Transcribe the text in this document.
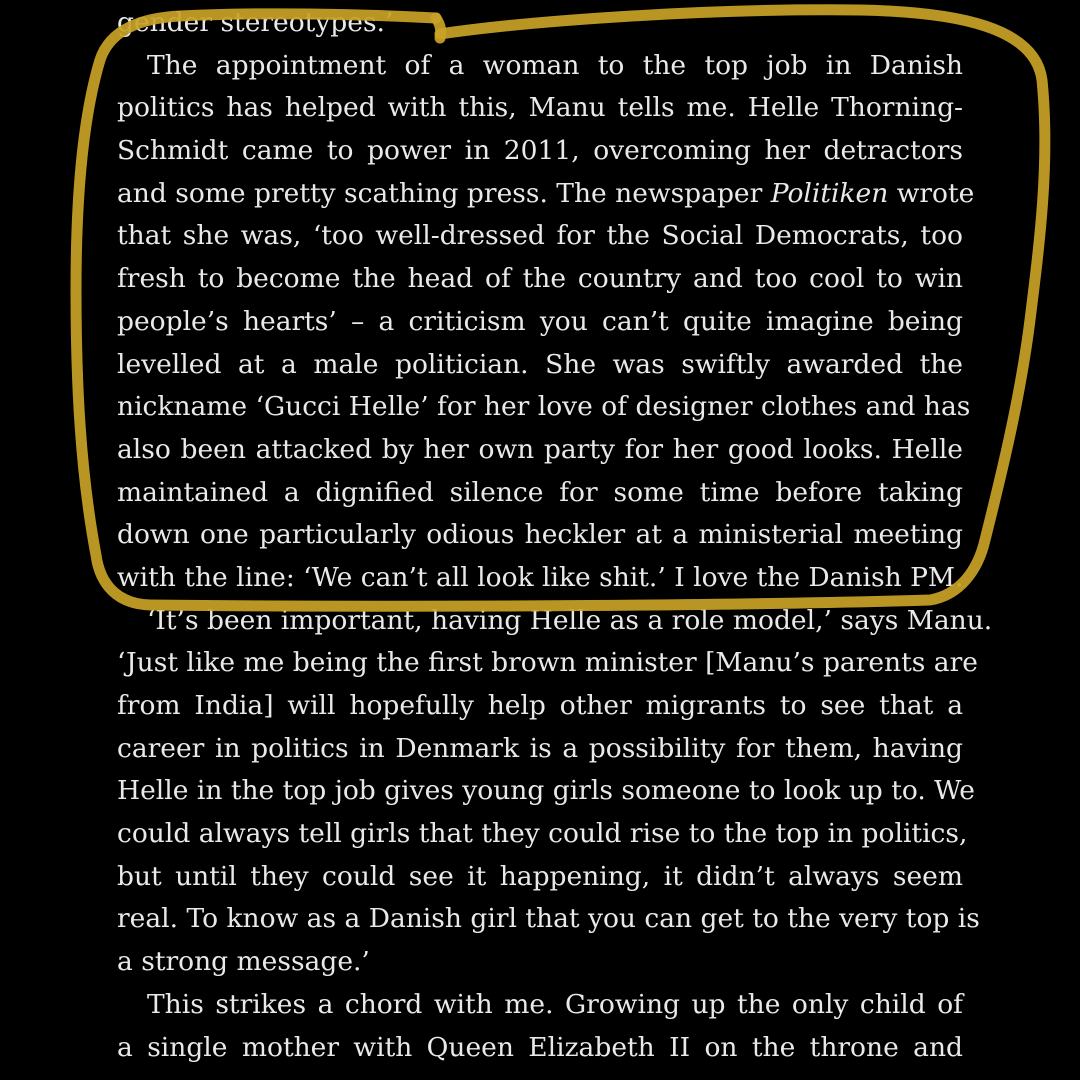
gender stereotypes.’
The appointment of a woman to the top job in Danish
politics has helped with this, Manu tells me. Helle Thorning-
Schmidt came to power in 2011, overcoming her detractors
and some pretty scathing press. The newspaper Politiken wrote
that she was, ‘too well-dressed for the Social Democrats, too
fresh to become the head of the country and too cool to win
people’s hearts’ – a criticism you can’t quite imagine being
levelled at a male politician. She was swiftly awarded the
nickname ‘Gucci Helle’ for her love of designer clothes and has
also been attacked by her own party for her good looks. Helle
maintained a dignified silence for some time before taking
down one particularly odious heckler at a ministerial meeting
with the line: ‘We can’t all look like shit.’ I love the Danish PM.
‘It’s been important, having Helle as a role model,’ says Manu.
‘Just like me being the first brown minister [Manu’s parents are
from India] will hopefully help other migrants to see that a
career in politics in Denmark is a possibility for them, having
Helle in the top job gives young girls someone to look up to. We
could always tell girls that they could rise to the top in politics,
but until they could see it happening, it didn’t always seem
real. To know as a Danish girl that you can get to the very top is
a strong message.’
This strikes a chord with me. Growing up the only child of
a single mother with Queen Elizabeth II on the throne and
